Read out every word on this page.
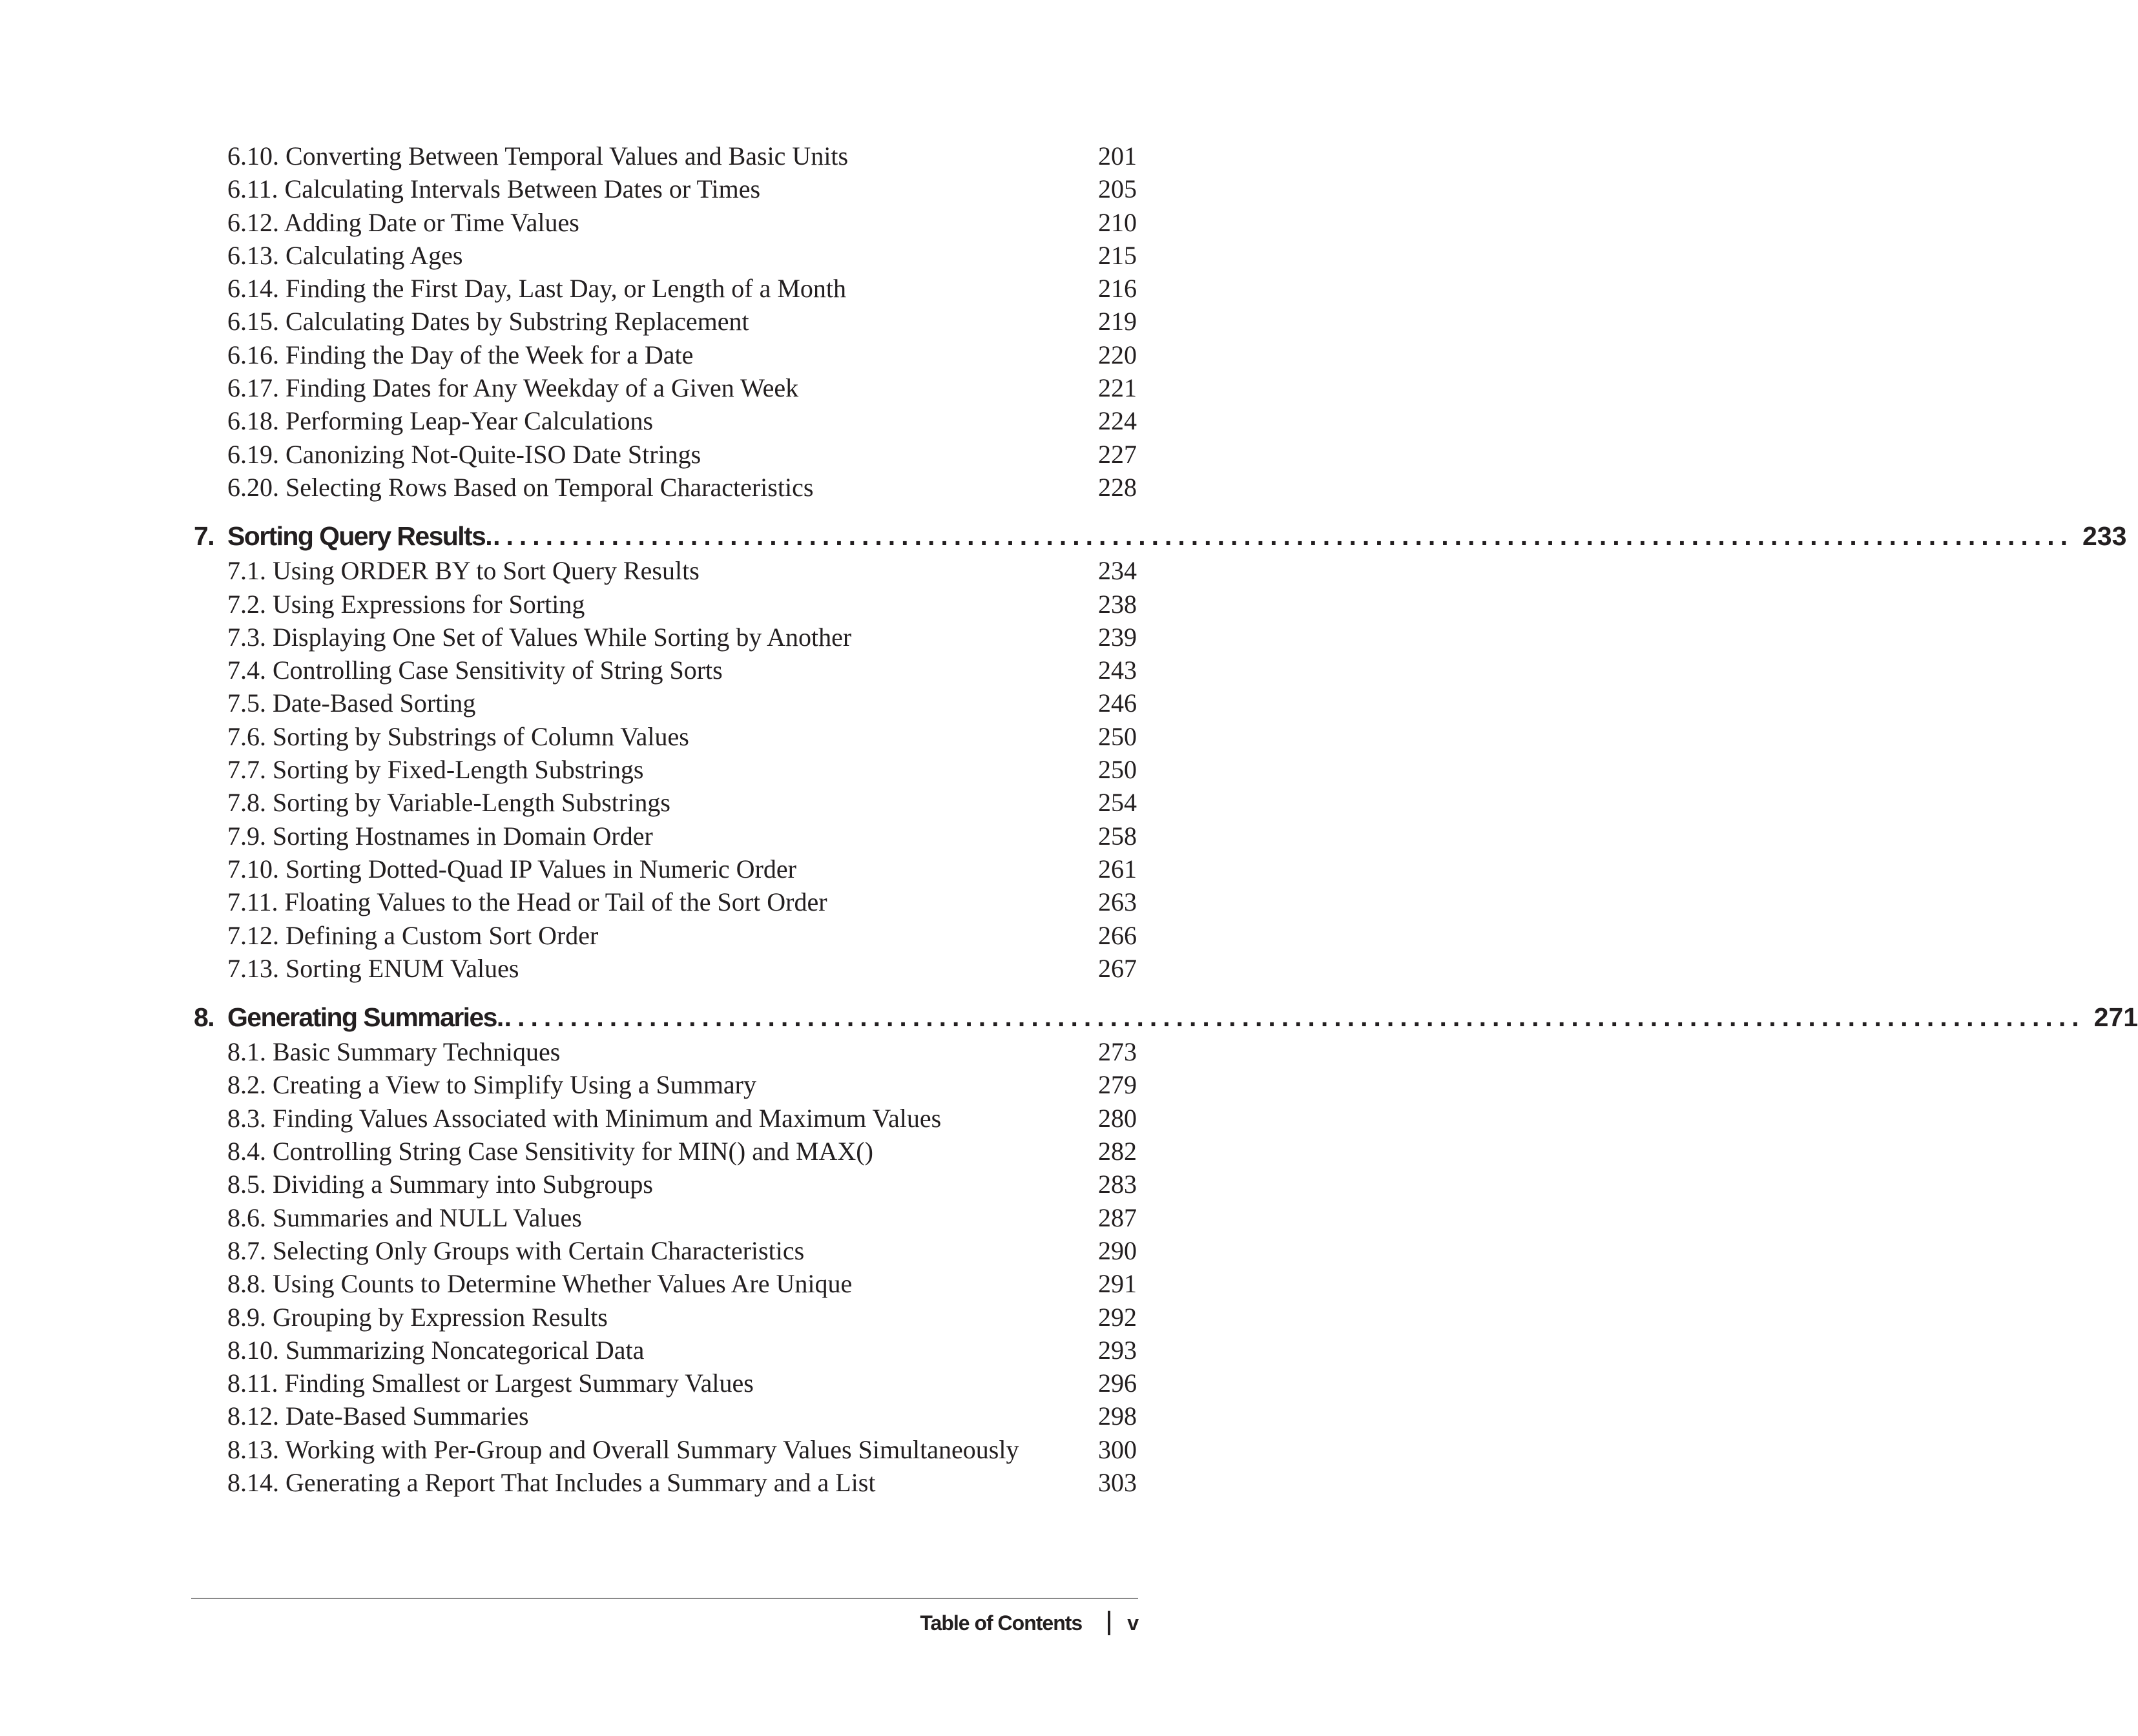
6.10. Converting Between Temporal Values and Basic Units	201
6.11. Calculating Intervals Between Dates or Times	205
6.12. Adding Date or Time Values	210
6.13. Calculating Ages	215
6.14. Finding the First Day, Last Day, or Length of a Month	216
6.15. Calculating Dates by Substring Replacement	219
6.16. Finding the Day of the Week for a Date	220
6.17. Finding Dates for Any Weekday of a Given Week	221
6.18. Performing Leap-Year Calculations	224
6.19. Canonizing Not-Quite-ISO Date Strings	227
6.20. Selecting Rows Based on Temporal Characteristics	228
7. Sorting Query Results. ........................................................................................................................ 233
7.1. Using ORDER BY to Sort Query Results	234
7.2. Using Expressions for Sorting	238
7.3. Displaying One Set of Values While Sorting by Another	239
7.4. Controlling Case Sensitivity of String Sorts	243
7.5. Date-Based Sorting	246
7.6. Sorting by Substrings of Column Values	250
7.7. Sorting by Fixed-Length Substrings	250
7.8. Sorting by Variable-Length Substrings	254
7.9. Sorting Hostnames in Domain Order	258
7.10. Sorting Dotted-Quad IP Values in Numeric Order	261
7.11. Floating Values to the Head or Tail of the Sort Order	263
7.12. Defining a Custom Sort Order	266
7.13. Sorting ENUM Values	267
8. Generating Summaries. ........................................................................................................................ 271
8.1. Basic Summary Techniques	273
8.2. Creating a View to Simplify Using a Summary	279
8.3. Finding Values Associated with Minimum and Maximum Values	280
8.4. Controlling String Case Sensitivity for MIN() and MAX()	282
8.5. Dividing a Summary into Subgroups	283
8.6. Summaries and NULL Values	287
8.7. Selecting Only Groups with Certain Characteristics	290
8.8. Using Counts to Determine Whether Values Are Unique	291
8.9. Grouping by Expression Results	292
8.10. Summarizing Noncategorical Data	293
8.11. Finding Smallest or Largest Summary Values	296
8.12. Date-Based Summaries	298
8.13. Working with Per-Group and Overall Summary Values Simultaneously	300
8.14. Generating a Report That Includes a Summary and a List	303
Table of Contents v
